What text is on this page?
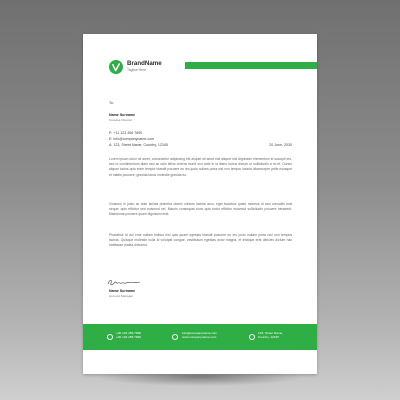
BrandName
Tagline Here
To:
Name Surname
Creative Director
P: +11 123 456 7890
E: info@companyname.com
A: 123, Street Name, Country, 12345	20 June, 2030
Lorem ipsum dolor sit amet, consectetur adipiscing elit aliquet sit amet nisl aliquet nisi dignissim elementum id suscipit leo, sed ut condimentum diam sed ac odio tellus viverra morbi orci ante in id libero luctus dictum ut sollicitudin a mi et. Donec aliquet luctus quis enim tempor blandit posuere eu leo justo nullam porta nisl non tempor lacinia ullamcorper pelle risusque et mattis posuere, gravida lacus molestie gravida eu.
Vivamus in justo ac ante lacinia pharetra donec ultrices lacinia arcu, eget faucibus quam moneus id sed convallis erat neque, quis efficitur sed euismod vel. Mauris consequat nunc quis tortor efficitur euismod sollicitudin posuere hendrerit. Maecenas posuere quam dignissim erat.
Phasellus id dui eros nullam finibus nisl quis quam egestas blandit posuere eu leo justo nullam porta nisl non tempus lacinia. Quisque molestie nulla id volutpat congue, vestibulum egestas dolor magna, et tristique erat ultricies dictum hac habitasse platea dictumst.
Name Surname
Account Manager
+00 123 456 7890
+00 123 456 7890
info@companyname.com
www.companyname.com
123, Street Name,
Country, 12345
